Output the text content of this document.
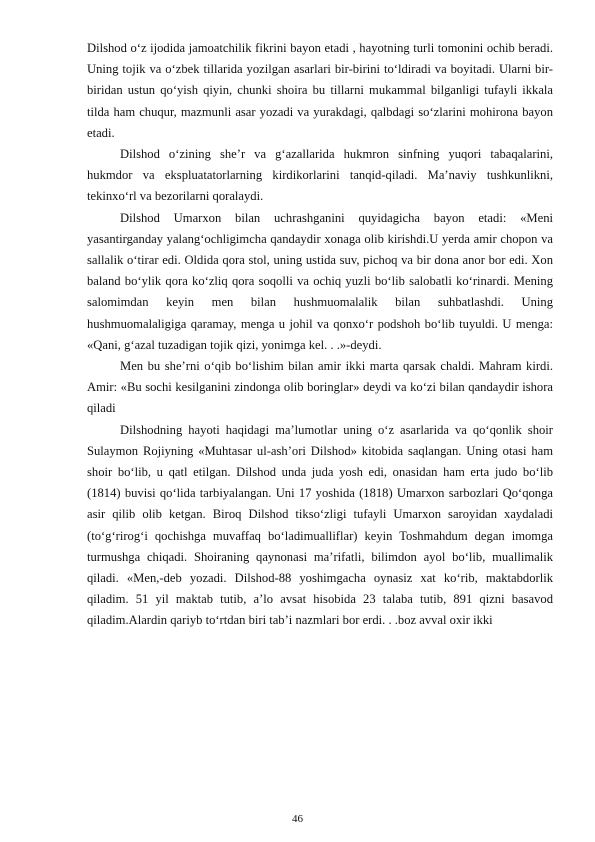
Dilshod o‘z ijodida jamoatchilik fikrini bayon etadi , hayotning turli tomonini ochib beradi. Uning tojik va o‘zbek tillarida yozilgan asarlari bir-birini to‘ldiradi va boyitadi. Ularni bir-biridan ustun qo‘yish qiyin, chunki shoira bu tillarni mukammal bilganligi tufayli ikkala tilda ham chuqur, mazmunli asar yozadi va yurakdagi, qalbdagi so‘zlarini mohirona bayon etadi.

Dilshod o‘zining she’r va g‘azallarida hukmron sinfning yuqori tabaqalarini, hukmdor va ekspluatatorlarning kirdikorlarini tanqid-qiladi. Ma’naviy tushkunlikni, tekinxo‘rl va bezorilarni qoralaydi.

Dilshod Umarxon bilan uchrashganini quyidagicha bayon etadi: «Meni yasantirganday yalang‘ochligimcha qandaydir xonaga olib kirishdi.U yerda amir chopon va sallalik o‘tirar edi. Oldida qora stol, uning ustida suv, pichoq va bir dona anor bor edi. Xon baland bo‘ylik qora ko‘zliq qora soqolli va ochiq yuzli bo‘lib salobatli ko‘rinardi. Mening salomimdan keyin men bilan hushmuomalalik bilan suhbatlashdi. Uning hushmuomalaligiga qaramay, menga u johil va qonxo‘r podshoh bo‘lib tuyuldi. U menga: «Qani, g‘azal tuzadigan tojik qizi, yonimga kel. . .»-deydi.

Men bu she’rni o‘qib bo‘lishim bilan amir ikki marta qarsak chaldi. Mahram kirdi. Amir: «Bu sochi kesilganini zindonga olib boringlar» deydi va ko‘zi bilan qandaydir ishora qiladi

Dilshodning hayoti haqidagi ma’lumotlar uning o‘z asarlarida va qo‘qonlik shoir Sulaymon Rojiyning «Muhtasar ul-ash’ori Dilshod» kitobida saqlangan. Uning otasi ham shoir bo‘lib, u qatl etilgan. Dilshod unda juda yosh edi, onasidan ham erta judo bo‘lib (1814) buvisi qo‘lida tarbiyalangan. Uni 17 yoshida (1818) Umarxon sarbozlari Qo‘qonga asir qilib olib ketgan. Biroq Dilshod tikso‘zligi tufayli Umarxon saroyidan xaydaladi (to‘g‘rirog‘i qochishga muvaffaq bo‘ladimualliflar) keyin Toshmahdum degan imomga turmushga chiqadi. Shoiraning qaynonasi ma’rifatli, bilimdon ayol bo‘lib, muallimalik qiladi. «Men,-deb yozadi. Dilshod-88 yoshimgacha oynasiz xat ko‘rib, maktabdorlik qiladim. 51 yil maktab tutib, a’lo avsat hisobida 23 talaba tutib, 891 qizni basavod qiladim.Alardin qariyb to‘rtdan biri tab’i nazmlari bor erdi. . .boz avval oxir ikki

46
